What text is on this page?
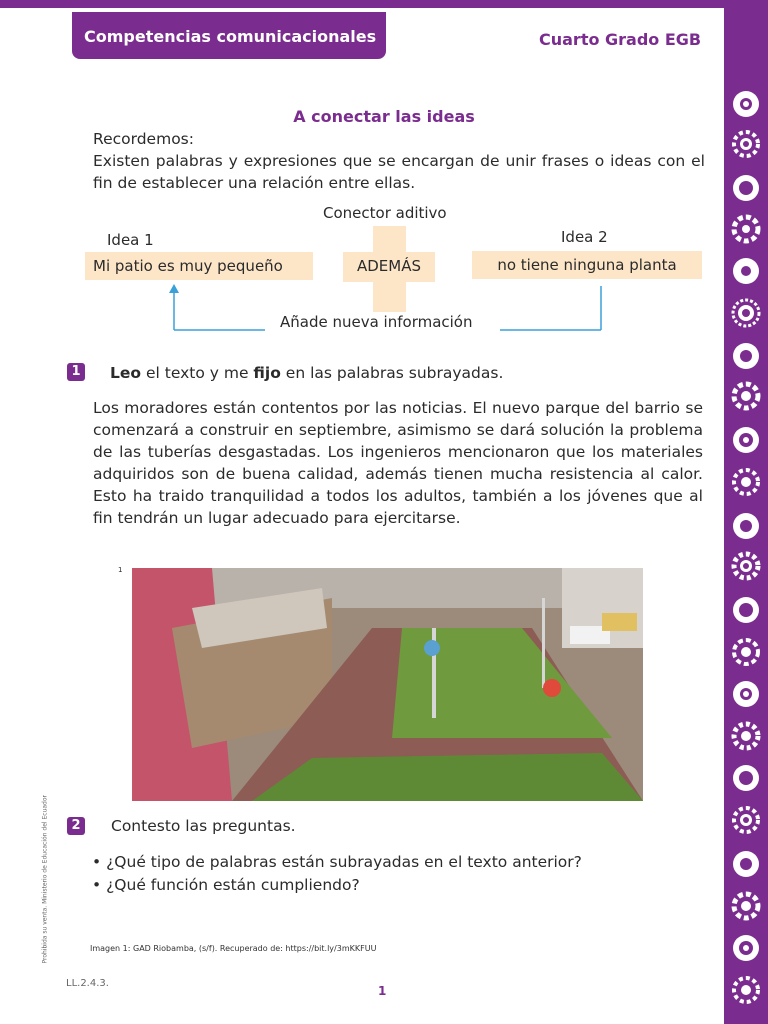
Competencias comunicacionales	Cuarto Grado EGB
A conectar las ideas
Recordemos:
Existen palabras y expresiones que se encargan de unir frases o ideas con el fin de establecer una relación entre ellas.
Conector aditivo
Idea 1	Idea 2
ADEMÁS
Mi patio es muy pequeño	no tiene ninguna planta
Añade nueva información
1 Leo el texto y me fijo en las palabras subrayadas.
Los moradores están contentos por las noticias. El nuevo parque del barrio se comenzará a construir en septiembre, asimismo se dará solución la problema de las tuberías desgastadas. Los ingenieros mencionaron que los materiales adquiridos son de buena calidad, además tienen mucha resistencia al calor. Esto ha traido tranquilidad a todos los adultos, también a los jóvenes que al fin tendrán un lugar adecuado para ejercitarse.
1
2 Contesto las preguntas.
• ¿Qué tipo de palabras están subrayadas en el texto anterior?
• ¿Qué función están cumpliendo?
Imagen 1: GAD Riobamba, (s/f). Recuperado de: https://bit.ly/3mKKFUU
Prohibida su venta. Ministerio de Educación del Ecuador
LL.2.4.3.
1
